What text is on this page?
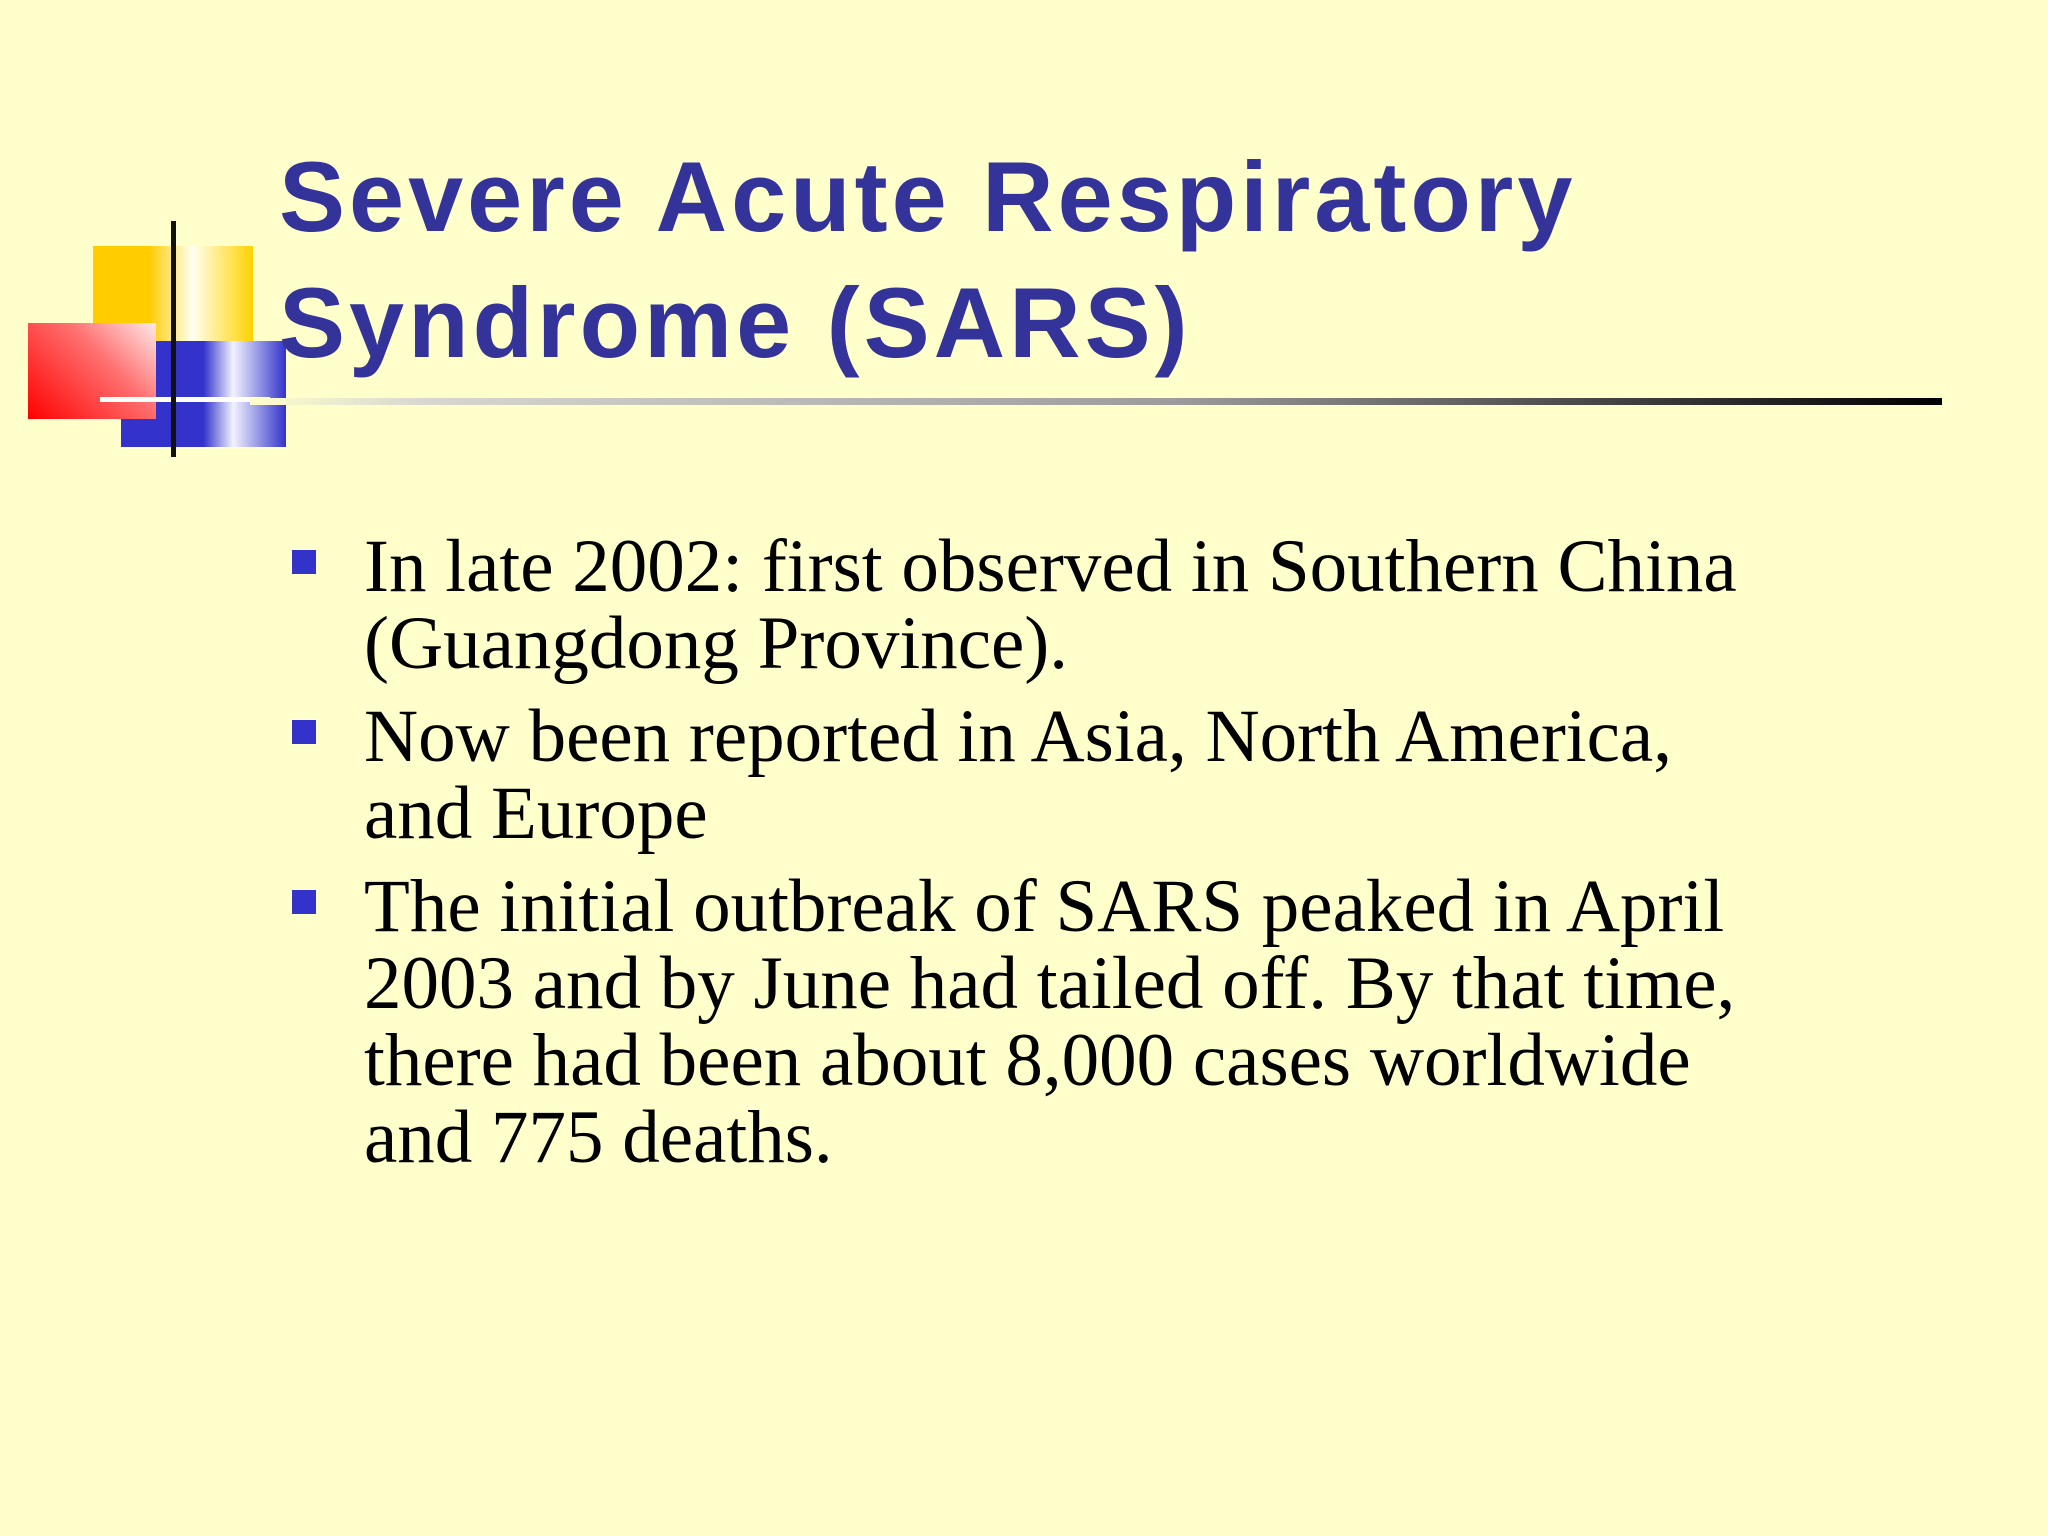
Severe Acute Respiratory Syndrome (SARS)
In late 2002: first observed in Southern China (Guangdong Province).
Now been reported in Asia, North America, and Europe
The initial outbreak of SARS peaked in April 2003 and by June had tailed off. By that time, there had been about 8,000 cases worldwide and 775 deaths.
